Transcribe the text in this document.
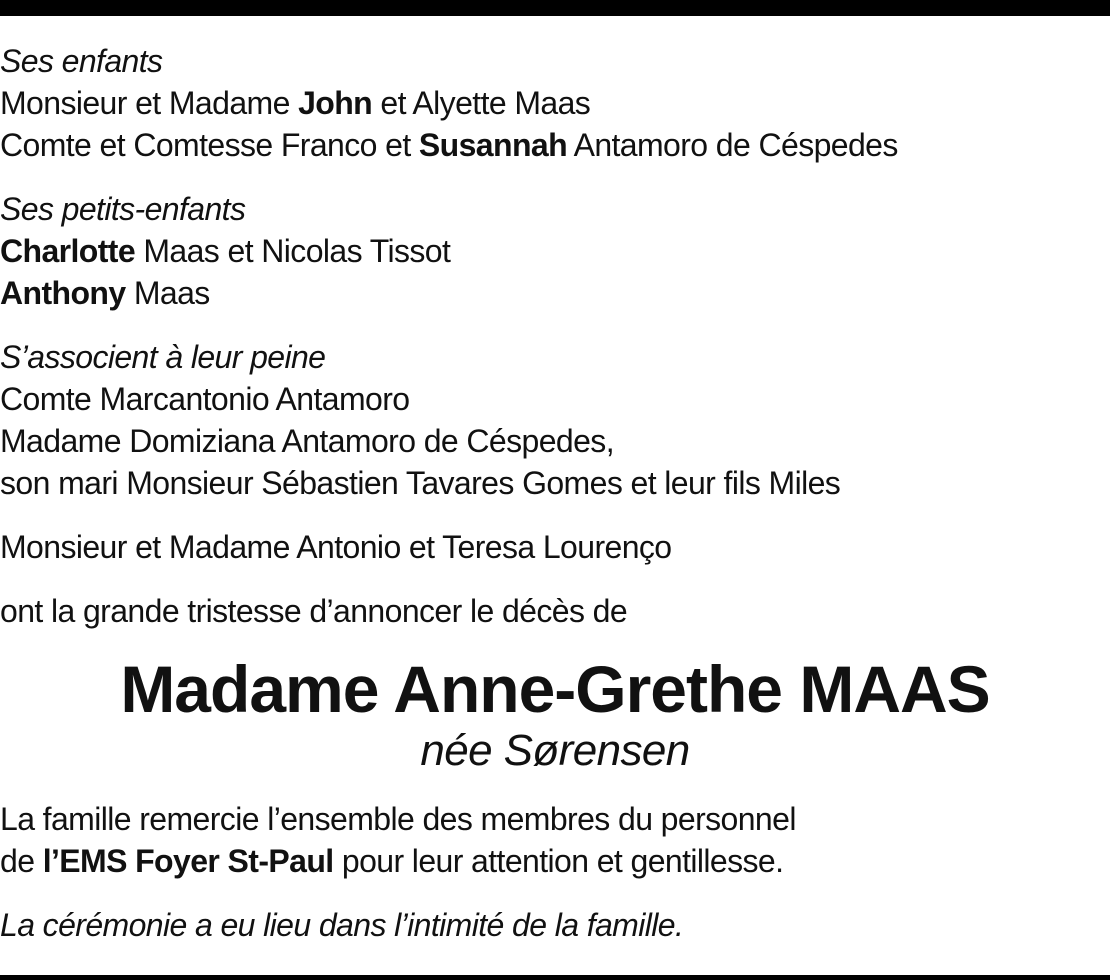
Ses enfants
Monsieur et Madame John et Alyette Maas
Comte et Comtesse Franco et Susannah Antamoro de Céspedes
Ses petits-enfants
Charlotte Maas et Nicolas Tissot
Anthony Maas
S’associent à leur peine
Comte Marcantonio Antamoro
Madame Domiziana Antamoro de Céspedes,
son mari Monsieur Sébastien Tavares Gomes et leur fils Miles
Monsieur et Madame Antonio et Teresa Lourenço
ont la grande tristesse d’annoncer le décès de
Madame Anne-Grethe MAAS
née Sørensen
La famille remercie l’ensemble des membres du personnel
de l’EMS Foyer St-Paul pour leur attention et gentillesse.
La cérémonie a eu lieu dans l’intimité de la famille.
